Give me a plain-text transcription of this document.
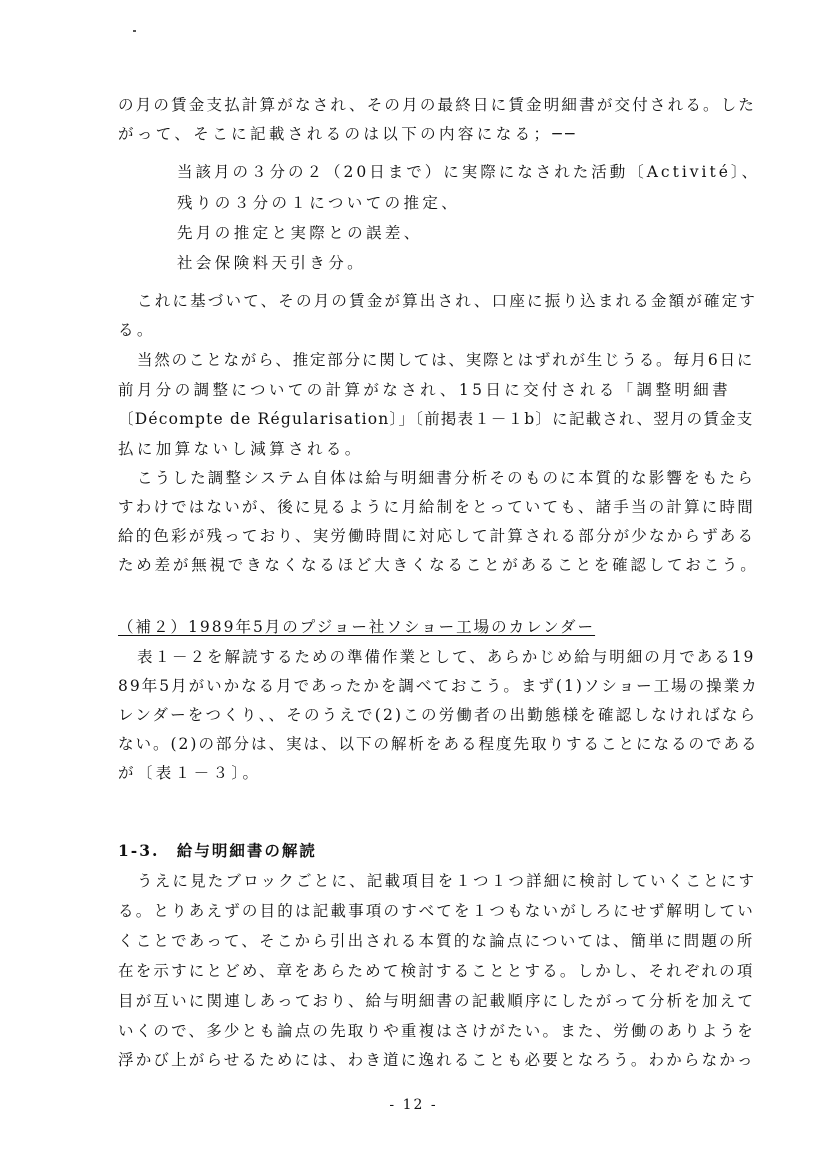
の月の賃金支払計算がなされ、その月の最終日に賃金明細書が交付される。した
がって、そこに記載されるのは以下の内容になる；──
当該月の３分の２（20日まで）に実際になされた活動〔Activité〕、
残りの３分の１についての推定、
先月の推定と実際との誤差、
社会保険料天引き分。
これに基づいて、その月の賃金が算出され、口座に振り込まれる金額が確定す
る。
当然のことながら、推定部分に関しては、実際とはずれが生じうる。毎月6日に
前月分の調整についての計算がなされ、15日に交付される「調整明細書
〔Décompte de Régularisation〕」〔前掲表１－１b〕に記載され、翌月の賃金支
払に加算ないし減算される。
こうした調整システム自体は給与明細書分析そのものに本質的な影響をもたら
すわけではないが、後に見るように月給制をとっていても、諸手当の計算に時間
給的色彩が残っており、実労働時間に対応して計算される部分が少なからずある
ため差が無視できなくなるほど大きくなることがあることを確認しておこう。
（補２）1989年5月のプジョー社ソショー工場のカレンダー
表１－２を解読するための準備作業として、あらかじめ給与明細の月である19
89年5月がいかなる月であったかを調べておこう。まず(1)ソショー工場の操業カ
レンダーをつくり、、そのうえで(2)この労働者の出勤態様を確認しなければなら
ない。(2)の部分は、実は、以下の解析をある程度先取りすることになるのである
が〔表１－３〕。
1-3.　給与明細書の解読
うえに見たブロックごとに、記載項目を１つ１つ詳細に検討していくことにす
る。とりあえずの目的は記載事項のすべてを１つもないがしろにせず解明してい
くことであって、そこから引出される本質的な論点については、簡単に問題の所
在を示すにとどめ、章をあらためて検討することとする。しかし、それぞれの項
目が互いに関連しあっており、給与明細書の記載順序にしたがって分析を加えて
いくので、多少とも論点の先取りや重複はさけがたい。また、労働のありようを
浮かび上がらせるためには、わき道に逸れることも必要となろう。わからなかっ
- 12 -
